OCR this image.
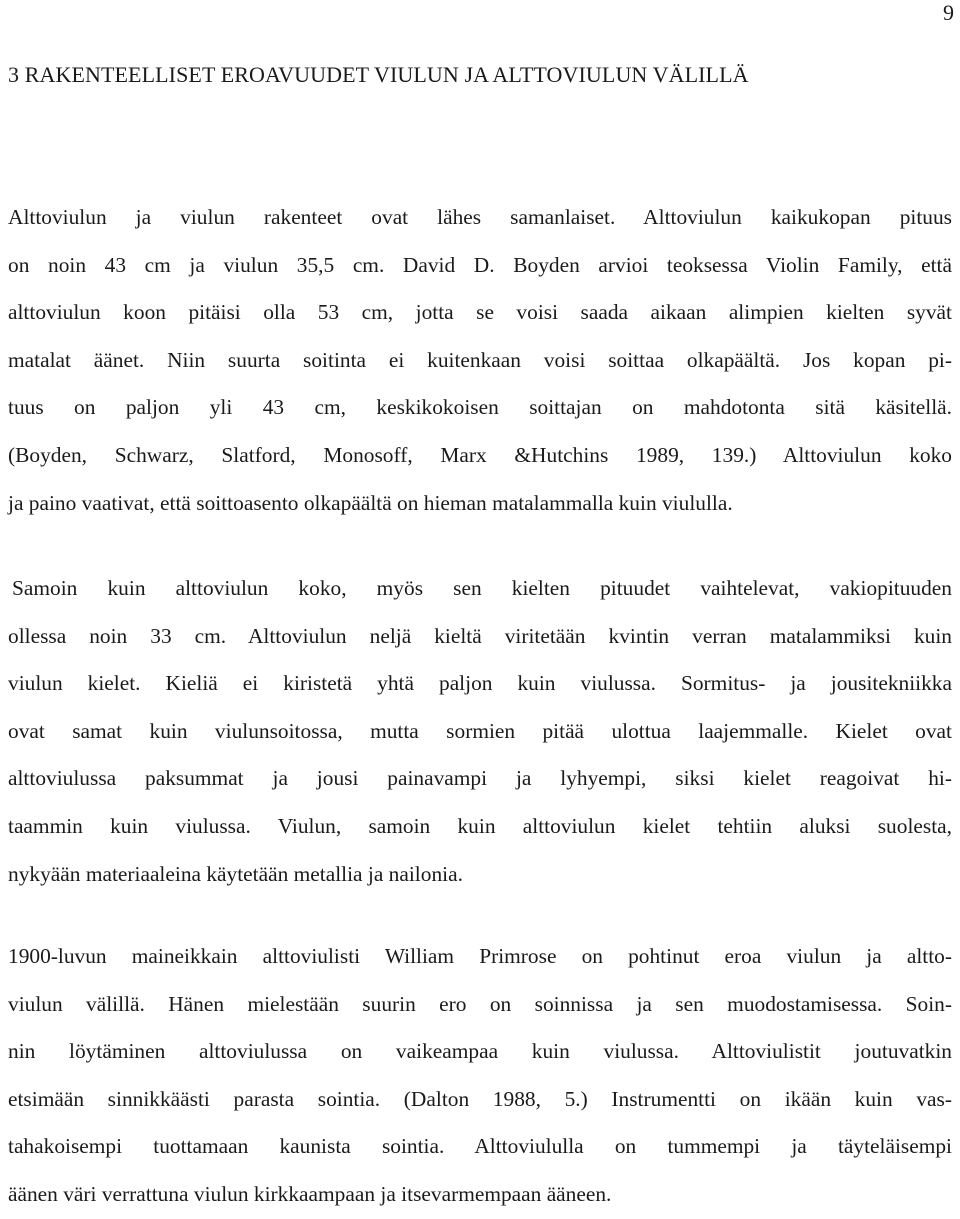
9
3 RAKENTEELLISET EROAVUUDET VIULUN JA ALTTOVIULUN VÄLILLÄ
Alttoviulun ja viulun rakenteet ovat lähes samanlaiset. Alttoviulun kaikukopan pituus
on noin 43 cm ja viulun 35,5 cm. David D. Boyden arvioi teoksessa Violin Family, että
alttoviulun koon pitäisi olla 53 cm, jotta se voisi saada aikaan alimpien kielten syvät
matalat äänet. Niin suurta soitinta ei kuitenkaan voisi soittaa olkapäältä. Jos kopan pi-
tuus on paljon yli 43 cm, keskikokoisen soittajan on mahdotonta sitä käsitellä.
(Boyden, Schwarz, Slatford, Monosoff, Marx &Hutchins 1989, 139.) Alttoviulun koko
ja paino vaativat, että soittoasento olkapäältä on hieman matalammalla kuin viululla.
Samoin kuin alttoviulun koko, myös sen kielten pituudet vaihtelevat, vakiopituuden
ollessa noin 33 cm. Alttoviulun neljä kieltä viritetään kvintin verran matalammiksi kuin
viulun kielet. Kieliä ei kiristetä yhtä paljon kuin viulussa. Sormitus- ja jousitekniikka
ovat samat kuin viulunsoitossa, mutta sormien pitää ulottua laajemmalle. Kielet ovat
alttoviulussa paksummat ja jousi painavampi ja lyhyempi, siksi kielet reagoivat hi-
taammin kuin viulussa. Viulun, samoin kuin alttoviulun kielet tehtiin aluksi suolesta,
nykyään materiaaleina käytetään metallia ja nailonia.
1900-luvun maineikkain alttoviulisti William Primrose on pohtinut eroa viulun ja altto-
viulun välillä. Hänen mielestään suurin ero on soinnissa ja sen muodostamisessa. Soin-
nin löytäminen alttoviulussa on vaikeampaa kuin viulussa. Alttoviulistit joutuvatkin
etsimään sinnikkäästi parasta sointia. (Dalton 1988, 5.) Instrumentti on ikään kuin vas-
tahakoisempi tuottamaan kaunista sointia. Alttoviululla on tummempi ja täyteläisempi
äänen väri verrattuna viulun kirkkaampaan ja itsevarmempaan ääneen.
